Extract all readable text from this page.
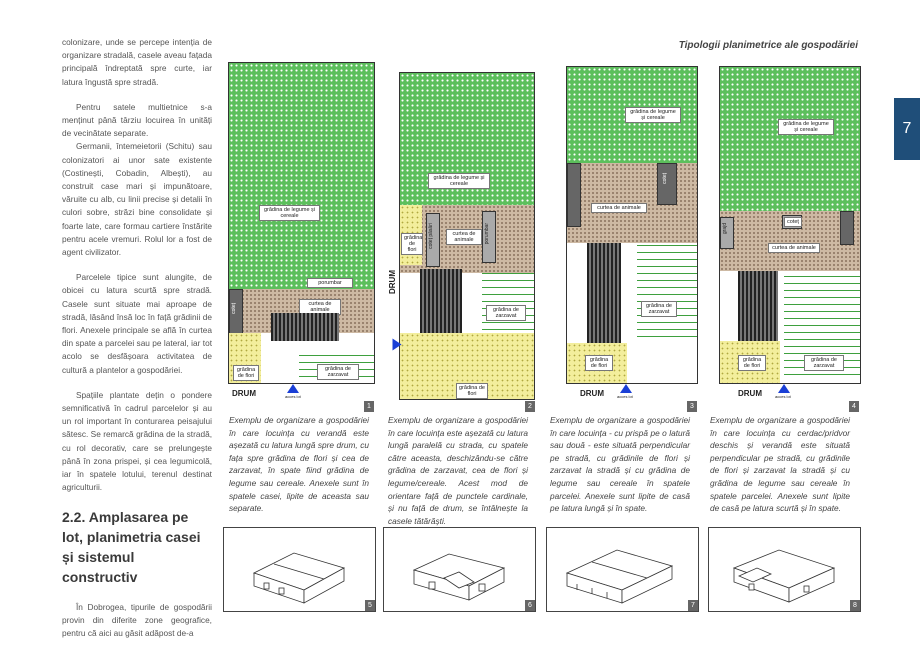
colonizare, unde se percepe intenția de organizare stradală, casele aveau fațada principală îndreptată spre curte, iar latura îngustă spre stradă.

Pentru satele multietnice s-a menținut până târziu locuirea în unități de vecinătate separate.

Germanii, întemeietorii (Schitu) sau colonizatori ai unor sate existente (Costinești, Cobadin, Albești), au construit case mari și impunătoare, văruite cu alb, cu linii precise și detalii în culori sobre, străzi bine consolidate și foarte late, care formau cartiere înstărite pentru acele vremuri. Rolul lor a fost de agent civilizator.

Parcelele tipice sunt alungite, de obicei cu latura scurtă spre stradă. Casele sunt situate mai aproape de stradă, lăsând însă loc în față grădinii de flori. Anexele principale se află în curtea din spate a parcelei sau pe lateral, iar tot acolo se desfășoara activitatea de cultură a plantelor a gospodăriei.

Spațiile plantate dețin o pondere semnificativă în cadrul parcelelor și au un rol important în conturarea peisajului sătesc. Se remarcă grădina de la stradă, cu rol decorativ, care se prelungește până în zona prispei, și cea legumicolă, iar în spatele lotului, terenul destinat agriculturii.

2.2. Amplasarea pe lot, planimetria casei și sistemul constructiv

În Dobrogea, tipurile de gospodării provin din diferite zone geografice, pentru că aici au găsit adăpost de-a

Tipologii planimetrice ale gospodăriei
7
grădina de legume și cereale
porumbar
curtea de animale
coteț
grădina de flori
grădina de zarzavat
DRUM	acces lot
1
grădina de legume și cereale
coteț păsări	curtea de animale	porumbar
grădina de flori
grădina de zarzavat
grădina de flori
DRUM
2
grădina de legume și cereale
coteț
curtea de animale
grădina de zarzavat
grădina de flori
DRUM	acces lot
3
grădina de legume și cereale
grajd
coteț
curtea de animale
grădina de zarzavat
grădina de flori
DRUM	acces lot
4
Exemplu de organizare a gospodăriei în care locuința cu verandă este așezată cu latura lungă spre drum, cu fața spre grădina de flori și cea de zarzavat, în spate fiind grădina de legume sau cereale. Anexele sunt în spatele casei, lipite de aceasta sau separate.
Exemplu de organizare a gospodăriei în care locuința este așezată cu latura lungă paralelă cu strada, cu spatele către aceasta, deschizându-se către grădina de zarzavat, cea de flori și legume/cereale. Acest mod de orientare față de punctele cardinale, și nu față de drum, se întâlnește la casele tătărăști.
Exemplu de organizare a gospodăriei în care locuința - cu prispă pe o latură sau două - este situată perpendicular pe stradă, cu grădinile de flori și zarzavat la stradă și cu grădina de legume sau cereale în spatele parcelei. Anexele sunt lipite de casă pe latura lungă și în spate.
Exemplu de organizare a gospodăriei în care locuința cu cerdac/pridvor deschis și verandă este situată perpendicular pe stradă, cu grădinile de flori și zarzavat la stradă și cu grădina de legume sau cereale în spatele parcelei. Anexele sunt lipite de casă pe latura scurtă și în spate.
5	6	7	8
